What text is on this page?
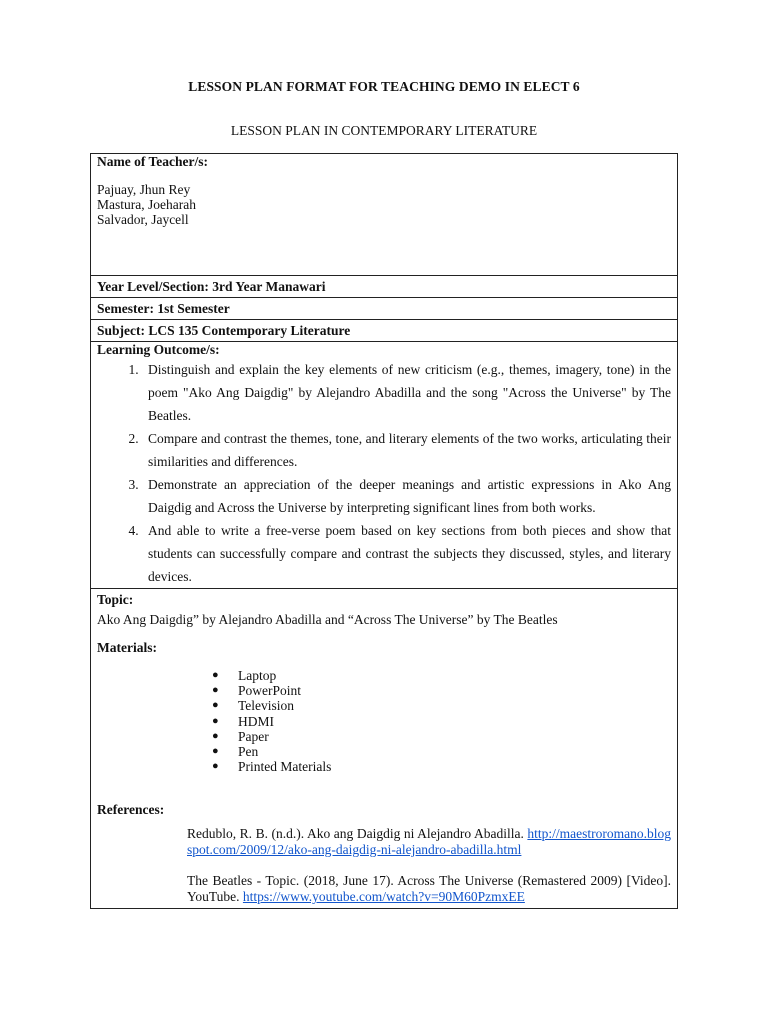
LESSON PLAN FORMAT FOR TEACHING DEMO IN ELECT 6
LESSON PLAN IN CONTEMPORARY LITERATURE
Name of Teacher/s:
Pajuay, Jhun Rey
Mastura, Joeharah
Salvador, Jaycell

Year Level/Section: 3rd Year Manawari
Semester: 1st Semester
Subject: LCS 135 Contemporary Literature

Learning Outcome/s:
1. Distinguish and explain the key elements of new criticism (e.g., themes, imagery, tone) in the poem "Ako Ang Daigdig" by Alejandro Abadilla and the song "Across the Universe" by The Beatles.
2. Compare and contrast the themes, tone, and literary elements of the two works, articulating their similarities and differences.
3. Demonstrate an appreciation of the deeper meanings and artistic expressions in Ako Ang Daigdig and Across the Universe by interpreting significant lines from both works.
4. And able to write a free-verse poem based on key sections from both pieces and show that students can successfully compare and contrast the subjects they discussed, styles, and literary devices.

Topic:
Ako Ang Daigdig” by Alejandro Abadilla and “Across The Universe” by The Beatles
Materials:
● Laptop
● PowerPoint
● Television
● HDMI
● Paper
● Pen
● Printed Materials
References:
Redublo, R. B. (n.d.). Ako ang Daigdig ni Alejandro Abadilla. http://maestroromano.blogspot.com/2009/12/ako-ang-daigdig-ni-alejandro-abadilla.html
The Beatles - Topic. (2018, June 17). Across The Universe (Remastered 2009) [Video]. YouTube. https://www.youtube.com/watch?v=90M60PzmxEE
